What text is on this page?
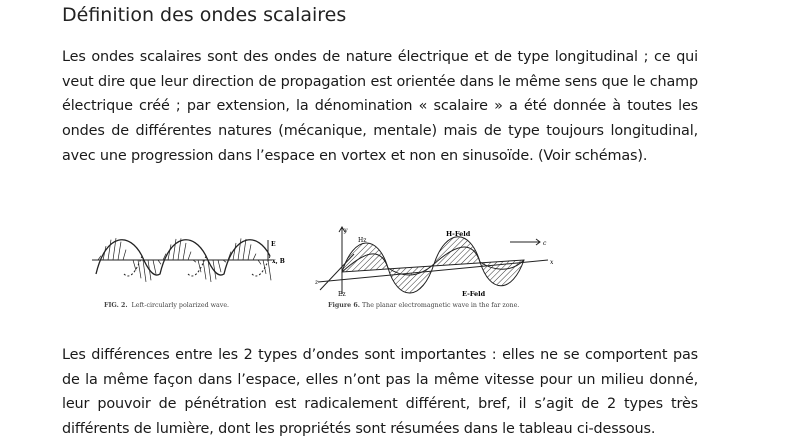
Définition des ondes scalaires

Les ondes scalaires sont des ondes de nature électrique et de type longitudinal ; ce qui veut dire que leur direction de propagation est orientée dans le même sens que le champ électrique créé ; par extension, la dénomination « scalaire » a été donnée à toutes les ondes de différentes natures (mécanique, mentale) mais de type toujours longitudinal, avec une progression dans l’espace en vortex et non en sinusoïde. (Voir schémas).

E
x, B
FIG. 2. Left-circularly polarized wave.
y
Hz
H-Feld
c
x
z
Ez	E-Feld
Figure 6. The planar electromagnetic wave in the far zone.

Les différences entre les 2 types d’ondes sont importantes : elles ne se comportent pas de la même façon dans l’espace, elles n’ont pas la même vitesse pour un milieu donné, leur pouvoir de pénétration est radicalement différent, bref, il s’agit de 2 types très différents de lumière, dont les propriétés sont résumées dans le tableau ci-dessous.
